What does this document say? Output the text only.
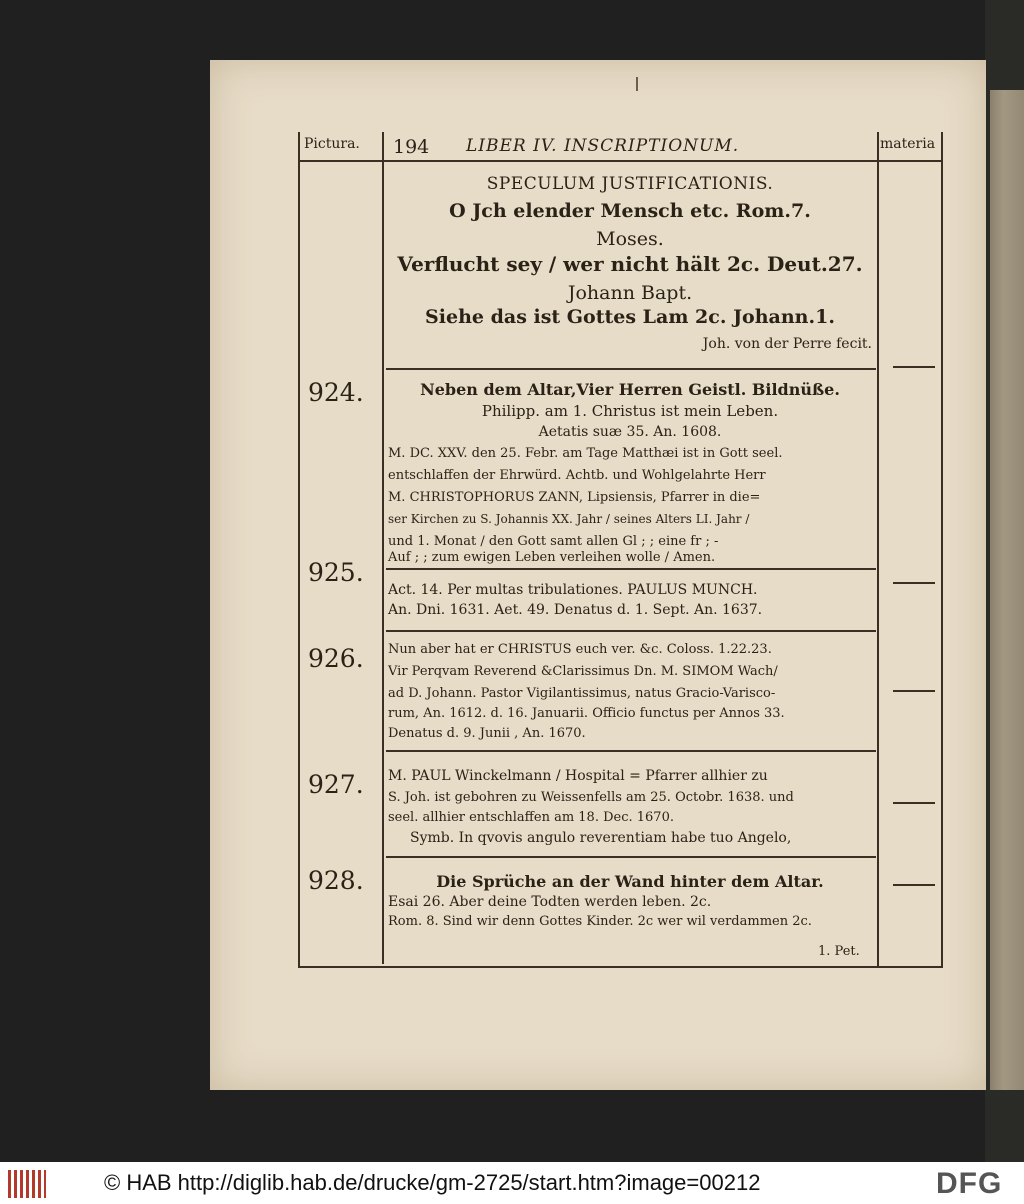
Pictura. 194 LIBER IV. INSCRIPTIONUM.	materia
SPECULUM JUSTIFICATIONIS.
O Jch elender Mensch etc. Rom.7.
Moses.
Verflucht sey / wer nicht hält 2c. Deut.27.
Johann Bapt.
Siehe das ist Gottes Lam 2c. Johann.1.
Joh. von der Perre fecit.
924.
925.
926.
927.
928.
Neben dem Altar,Vier Herren Geistl. Bildnüße.
Philipp. am 1. Christus ist mein Leben.
Aetatis suæ 35. An. 1608.
M. DC. XXV. den 25. Febr. am Tage Matthæi ist in Gott seel.
entschlaffen der Ehrwürd. Achtb. und Wohlgelahrte Herr
M. CHRISTOPHORUS ZANN, Lipsiensis, Pfarrer in die=
ser Kirchen zu S. Johannis XX. Jahr / seines Alters LI. Jahr /
und 1. Monat / den Gott samt allen Gl ; ; eine fr ; -
Auf ; ; zum ewigen Leben verleihen wolle / Amen.
Act. 14. Per multas tribulationes. PAULUS MUNCH.
An. Dni. 1631. Aet. 49. Denatus d. 1. Sept. An. 1637.
Nun aber hat er CHRISTUS euch ver. &c. Coloss. 1.22.23.
Vir Perqvam Reverend &Clarissimus Dn. M. SIMOM Wach/
ad D. Johann. Pastor Vigilantissimus, natus Gracio-Variscо-
rum, An. 1612. d. 16. Januarii. Officio functus per Annos 33.
Denatus d. 9. Junii , An. 1670.
M. PAUL Winckelmann / Hospital = Pfarrer allhier zu
S. Joh. ist gebohren zu Weissenfells am 25. Octobr. 1638. und
seel. allhier entschlaffen am 18. Dec. 1670.
Symb. In qvovis angulo reverentiam habe tuo Angelo,
Die Sprüche an der Wand hinter dem Altar.
Esai 26. Aber deine Todten werden leben. 2c.
Rom. 8. Sind wir denn Gottes Kinder. 2c wer wil verdammen 2c.
1. Pet.
© HAB http://diglib.hab.de/drucke/gm-2725/start.htm?image=00212	DFG
